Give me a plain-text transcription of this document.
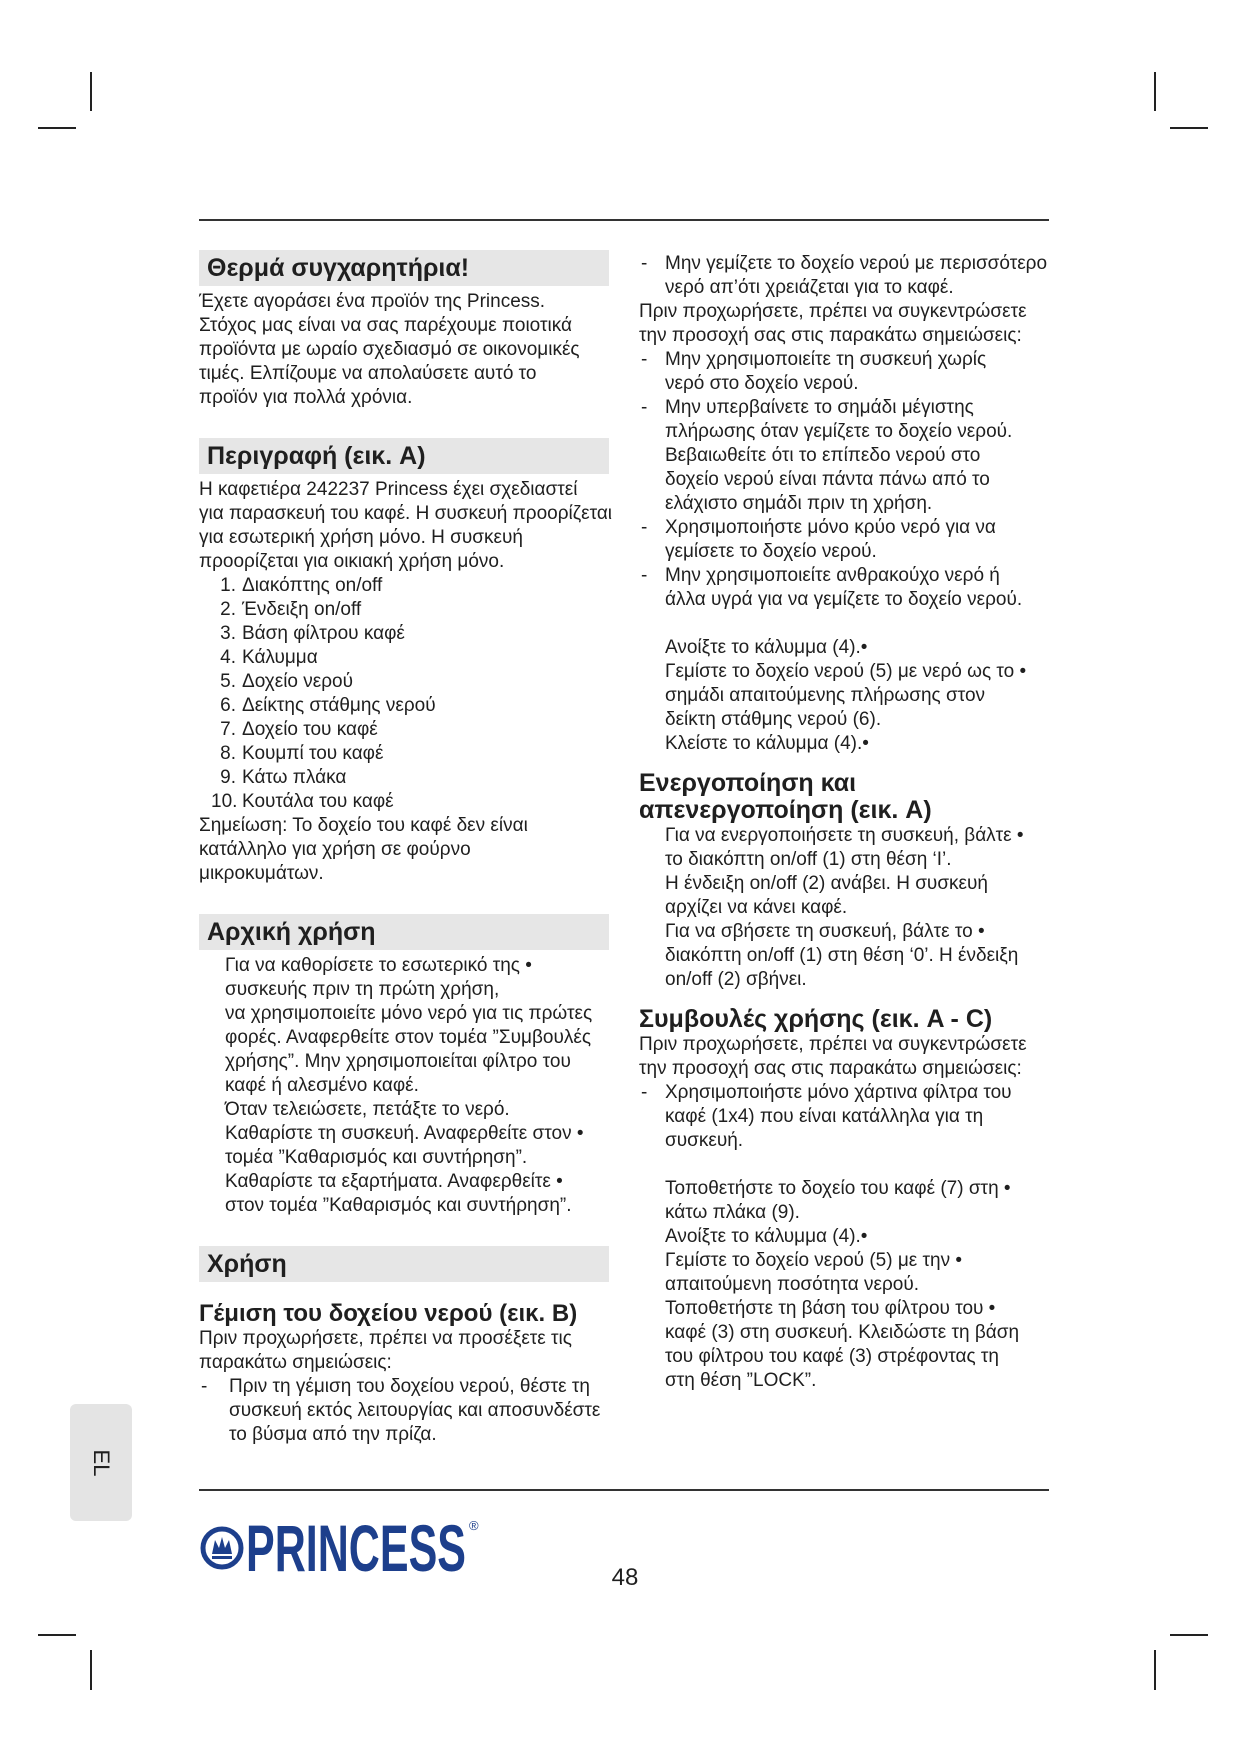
Θερμά συγχαρητήρια!

Έχετε αγοράσει ένα προϊόν της Princess.

Στόχος μας είναι να σας παρέχουμε ποιοτικά

προϊόντα με ωραίο σχεδιασμό σε οικονομικές

τιμές. Ελπίζουμε να απολαύσετε αυτό το

προϊόν για πολλά χρόνια.

Περιγραφή (εικ. A)

Η καφετιέρα 242237 Princess έχει σχεδιαστεί

για παρασκευή του καφέ. Η συσκευή προορίζεται

για εσωτερική χρήση μόνο. Η συσκευή

προορίζεται για οικιακή χρήση μόνο.

1. Διακόπτης on/off
2. Ένδειξη on/off
3. Βάση φίλτρου καφέ
4. Κάλυμμα
5. Δοχείο νερού
6. Δείκτης στάθμης νερού
7. Δοχείο του καφέ
8. Κουμπί του καφέ
9. Κάτω πλάκα
10. Κουτάλα του καφέ

Σημείωση: Το δοχείο του καφέ δεν είναι

κατάλληλο για χρήση σε φούρνο

μικροκυμάτων.

Αρχική χρήση

Για να καθορίσετε το εσωτερικό της •

συσκευής πριν τη πρώτη χρήση,

να χρησιμοποιείτε μόνο νερό για τις πρώτες

φορές. Αναφερθείτε στον τομέα ”Συμβουλές

χρήσης”. Μην χρησιμοποιείται φίλτρο του

καφέ ή αλεσμένο καφέ.

Όταν τελειώσετε, πετάξτε το νερό.

Καθαρίστε τη συσκευή. Αναφερθείτε στον •

τομέα ”Καθαρισμός και συντήρηση”.

Καθαρίστε τα εξαρτήματα. Αναφερθείτε •

στον τομέα ”Καθαρισμός και συντήρηση”.

Χρήση
Γέμιση του δοχείου νερού (εικ. B)

Πριν προχωρήσετε, πρέπει να προσέξετε τις

παρακάτω σημειώσεις:

- Πριν τη γέμιση του δοχείου νερού, θέστε τη

συσκευή εκτός λειτουργίας και αποσυνδέστε

το βύσμα από την πρίζα.

- Μην γεμίζετε το δοχείο νερού με περισσότερο

νερό απ’ότι χρειάζεται για το καφέ.

Πριν προχωρήσετε, πρέπει να συγκεντρώσετε

την προσοχή σας στις παρακάτω σημειώσεις:

- Μην χρησιμοποιείτε τη συσκευή χωρίς

νερό στο δοχείο νερού.

- Μην υπερβαίνετε το σημάδι μέγιστης

πλήρωσης όταν γεμίζετε το δοχείο νερού.

Βεβαιωθείτε ότι το επίπεδο νερού στο

δοχείο νερού είναι πάντα πάνω από το

ελάχιστο σημάδι πριν τη χρήση.

- Χρησιμοποιήστε μόνο κρύο νερό για να

γεμίσετε το δοχείο νερού.

- Μην χρησιμοποιείτε ανθρακούχο νερό ή

άλλα υγρά για να γεμίζετε το δοχείο νερού.

Ανοίξτε το κάλυμμα (4).•

Γεμίστε το δοχείο νερού (5) με νερό ως το •

σημάδι απαιτούμενης πλήρωσης στον

δείκτη στάθμης νερού (6).

Κλείστε το κάλυμμα (4).•

Ενεργοποίηση και
απενεργοποίηση (εικ. A)

Για να ενεργοποιήσετε τη συσκευή, βάλτε •

το διακόπτη on/off (1) στη θέση ‘I’.

Η ένδειξη on/off (2) ανάβει. Η συσκευή

αρχίζει να κάνει καφέ.

Για να σβήσετε τη συσκευή, βάλτε το •

διακόπτη on/off (1) στη θέση ‘0’. Η ένδειξη

on/off (2) σβήνει.

Συμβουλές χρήσης (εικ. A - C)

Πριν προχωρήσετε, πρέπει να συγκεντρώσετε

την προσοχή σας στις παρακάτω σημειώσεις:

- Χρησιμοποιήστε μόνο χάρτινα φίλτρα του

καφέ (1x4) που είναι κατάλληλα για τη

συσκευή.

Τοποθετήστε το δοχείο του καφέ (7) στη •

κάτω πλάκα (9).

Ανοίξτε το κάλυμμα (4).•

Γεμίστε το δοχείο νερού (5) με την •

απαιτούμενη ποσότητα νερού.

Τοποθετήστε τη βάση του φίλτρου του •

καφέ (3) στη συσκευή. Κλειδώστε τη βάση

του φίλτρου του καφέ (3) στρέφοντας τη

στη θέση ”LOCK”.

EL
PRINCESS ®
48
